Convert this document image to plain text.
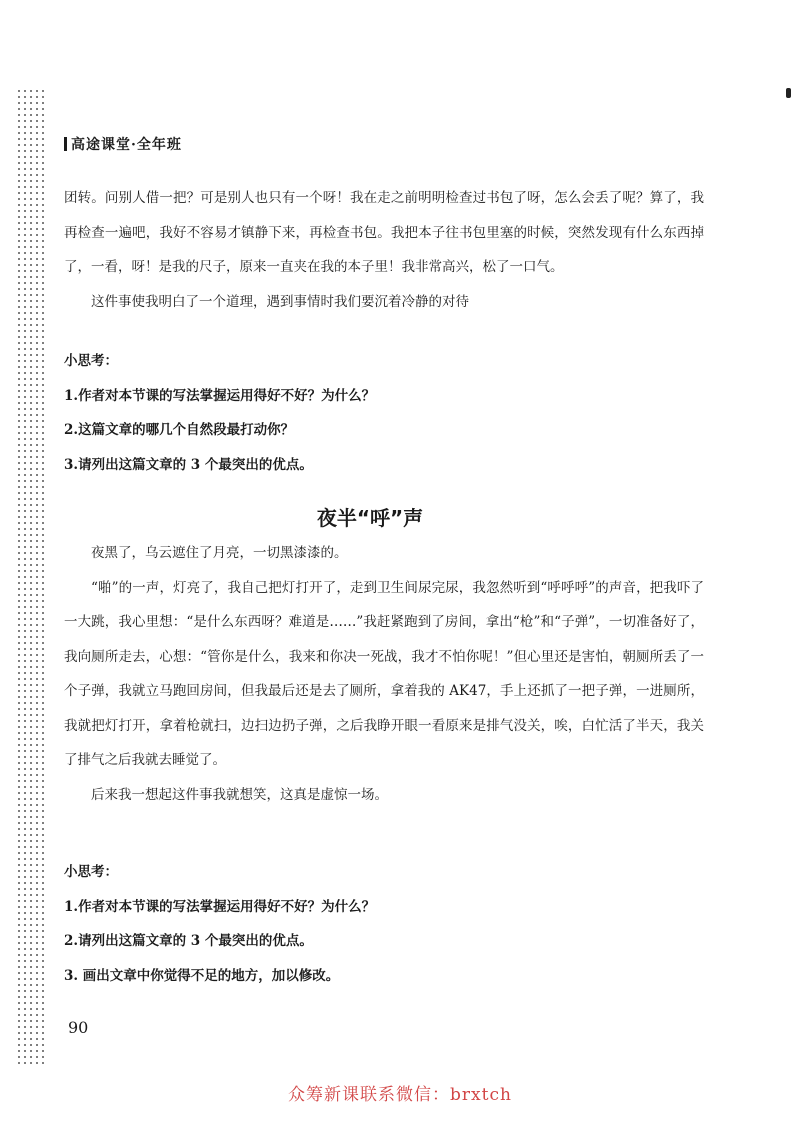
高途课堂·全年班

团转。问别人借一把？可是别人也只有一个呀！我在走之前明明检查过书包了呀，怎么会丢了呢？算了，我再检查一遍吧，我好不容易才镇静下来，再检查书包。我把本子往书包里塞的时候，突然发现有什么东西掉了，一看，呀！是我的尺子，原来一直夹在我的本子里！我非常高兴，松了一口气。

这件事使我明白了一个道理，遇到事情时我们要沉着冷静的对待

小思考：

1.作者对本节课的写法掌握运用得好不好？为什么？

2.这篇文章的哪几个自然段最打动你？

3.请列出这篇文章的 3 个最突出的优点。

夜半“呼”声

夜黑了，乌云遮住了月亮，一切黑漆漆的。

“啪”的一声，灯亮了，我自己把灯打开了，走到卫生间尿完尿，我忽然听到“呼呼呼”的声音，把我吓了一大跳，我心里想：“是什么东西呀？难道是……”我赶紧跑到了房间，拿出“枪”和“子弹”，一切准备好了，我向厕所走去，心想：“管你是什么，我来和你决一死战，我才不怕你呢！”但心里还是害怕，朝厕所丢了一个子弹，我就立马跑回房间，但我最后还是去了厕所，拿着我的 AK47，手上还抓了一把子弹，一进厕所，我就把灯打开，拿着枪就扫，边扫边扔子弹，之后我睁开眼一看原来是排气没关，唉，白忙活了半天，我关了排气之后我就去睡觉了。

后来我一想起这件事我就想笑，这真是虚惊一场。

小思考：

1.作者对本节课的写法掌握运用得好不好？为什么？

2.请列出这篇文章的 3 个最突出的优点。

3. 画出文章中你觉得不足的地方，加以修改。

90
众筹新课联系微信：brxtch
